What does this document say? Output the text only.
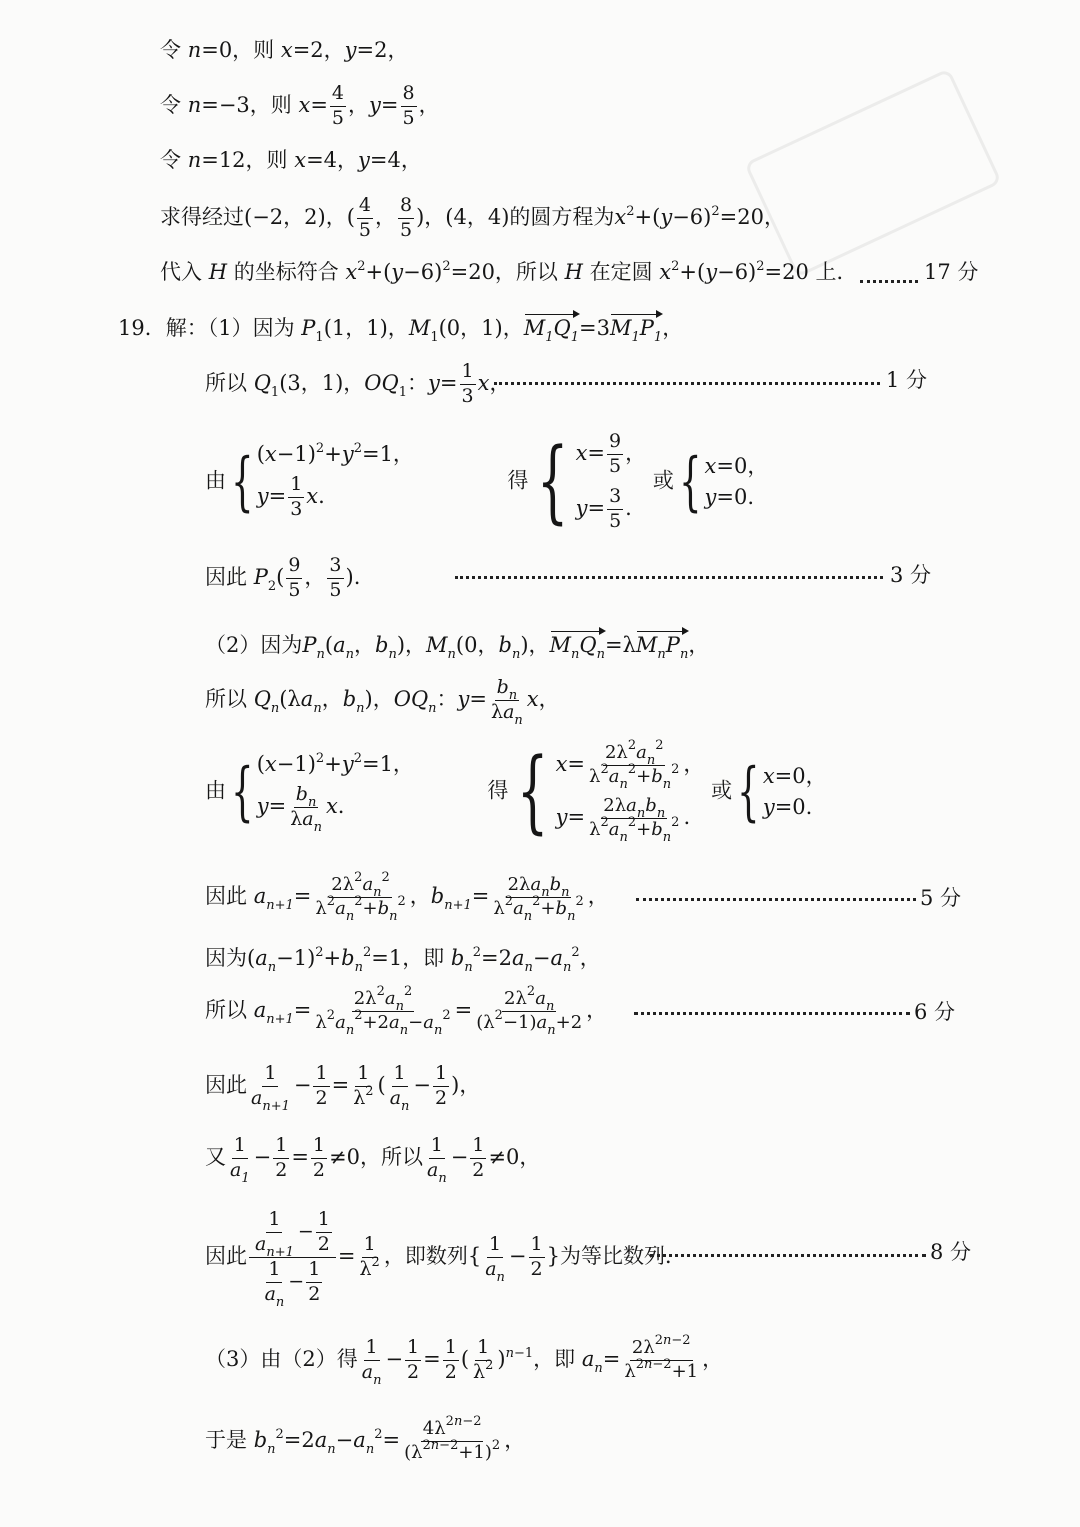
令 n=0，则 x=2，y=2，
令 n=−3，则 $x= \frac{4}{5}$ ，$y= \frac{8}{5}$ ，
令 n=12，则 x=4，y=4，
求得经过(−2，2)，( $\frac{4}{5}$ ， $\frac{8}{5}$ )，(4，4)的圆方程为$x^2+(y-6)^2=20$，
代入 H 的坐标符合 $x^2+(y-6)^2=20$，所以 H 在定圆 $x^2+(y-6)^2=20$ 上．	17 分
19．解：（1）因为 $P_1(1$，1)，$M_1(0$，1)，$M_1Q_1=3M_1P_1$，
所以 $Q_1(3$，1)，$OQ_1$：$y= \frac{1}{3}$ x，	1 分
由{ $(x-1)^2+y^2=1$，
$y= \frac{1}{3} x$.
得{ $x= \frac{9}{5}$ ，
$y= \frac{3}{5}$ .
或{ x=0，
y=0.
因此 $P_2( \frac{9}{5}$ ， $\frac{3}{5}$ ).	3 分
（2）因为$P_n(a_n$，$b_n$)，$M_n(0$，$b_n$)，$M_nQ_n=\lambda M_nP_n$，
所以 $Q_n(\lambda a_n$，$b_n$)，$OQ_n$：$y= \frac{b_n}{\lambda a_n}$ x，
由{ $(x-1)^2+y^2=1$，
$y= \frac{b_n}{\lambda a_n} x$.
得{ $x= \frac{2\lambda^2a_n^2}{\lambda^2a_n^2+b_n^2}$ ，
$y= \frac{2\lambda a_nb_n}{\lambda^2a_n^2+b_n^2}$ .
或{ x=0，
y=0.
因此 $a_{n+1}= \frac{2\lambda^2a_n^2}{\lambda^2a_n^2+b_n^2}$ ，$b_{n+1}= \frac{2\lambda a_nb_n}{\lambda^2a_n^2+b_n^2}$ ，	5 分
因为$(a_n-1)^2+b_n^2=1$，即 $b_n^2=2a_n-a_n^2$，
所以 $a_{n+1}= \frac{2\lambda^2a_n^2}{\lambda^2a_n^2+2a_n-a_n^2} = \frac{2\lambda^2a_n}{(\lambda^2-1)a_n+2}$ ，	6 分
因此 $\frac{1}{a_{n+1}} - \frac{1}{2} = \frac{1}{\lambda^2}$ ( $\frac{1}{a_n} - \frac{1}{2}$ )，
又 $\frac{1}{a_1} - \frac{1}{2} = \frac{1}{2} \ne 0$，所以 $\frac{1}{a_n} - \frac{1}{2} \ne 0$，
因此 $\frac{\frac{1}{a_{n+1}} - \frac{1}{2}}{\frac{1}{a_n} - \frac{1}{2}} = \frac{1}{\lambda^2}$ ，即数列{ $\frac{1}{a_n} - \frac{1}{2}$ }为等比数列．	8 分
（3）由（2）得 $\frac{1}{a_n} - \frac{1}{2} = \frac{1}{2}$ ( $\frac{1}{\lambda^2} )^{n-1}$，即 $a_n= \frac{2\lambda^{2n-2}}{\lambda^{2n-2}+1}$ ，
于是 $b_n^2=2a_n-a_n^2= \frac{4\lambda^{2n-2}}{(\lambda^{2n-2}+1)^2}$ ，
